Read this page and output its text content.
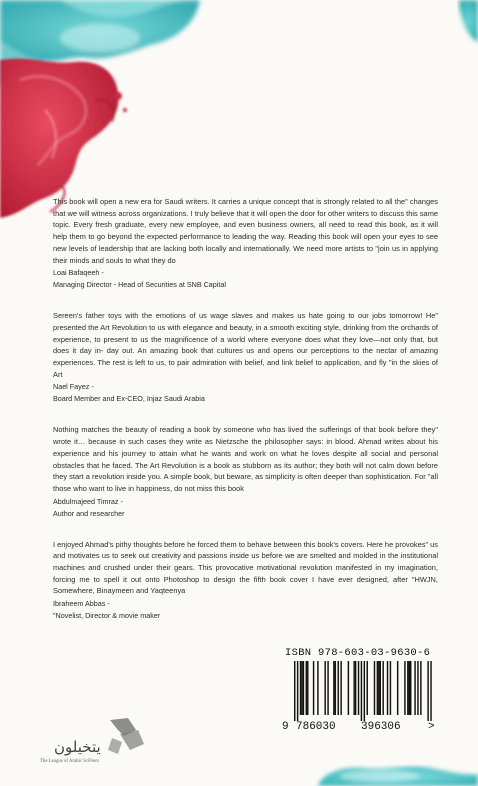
This book will open a new era for Saudi writers. It carries a unique concept that is strongly related to all the" changes that we will witness across organizations. I truly believe that it will open the door for other writers to discuss this same topic. Every fresh graduate, every new employee, and even business owners, all need to read this book, as it will help them to go beyond the expected performance to leading the way. Reading this book will open your eyes to see new levels of leadership that are lacking both locally and internationally. We need more artists to "join us in applying their minds and souls to what they do

Loai Bafaqeeh -
Managing Director - Head of Securities at SNB Capital

Sereen's father toys with the emotions of us wage slaves and makes us hate going to our jobs tomorrow! He" presented the Art Revolution to us with elegance and beauty, in a smooth exciting style, drinking from the orchards of experience, to present to us the magnificence of a world where everyone does what they love—not only that, but does it day in- day out. An amazing book that cultures us and opens our perceptions to the nectar of amazing experiences. The rest is left to us, to pair admiration with belief, and link belief to application, and fly "in the skies of Art

Nael Fayez -
Board Member and Ex-CEO, Injaz Saudi Arabia

Nothing matches the beauty of reading a book by someone who has lived the sufferings of that book before they" wrote it… because in such cases they write as Nietzsche the philosopher says: in blood. Ahmad writes about his experience and his journey to attain what he wants and work on what he loves despite all social and personal obstacles that he faced. The Art Revolution is a book as stubborn as its author; they both will not calm down before they start a revolution inside you. A simple book, but beware, as simplicity is often deeper than sophistication. For "all those who want to live in happiness, do not miss this book

Abdulmajeed Timraz -
Author and researcher

I enjoyed Ahmad's pithy thoughts before he forced them to behave between this book's covers. Here he provokes" us and motivates us to seek out creativity and passions inside us before we are smelted and molded in the institutional machines and crushed under their gears. This provocative motivational revolution manifested in my imagination, forcing me to spell it out onto Photoshop to design the fifth book cover I have ever designed, after "HWJN, Somewhere, Binaymeen and Yaqteenya

Ibraheem Abbas -
"Novelist, Director & movie maker
يتخيلون
The League of Arabic SciFiers
ISBN 978-603-03-9630-6
9 786030 396306 >
